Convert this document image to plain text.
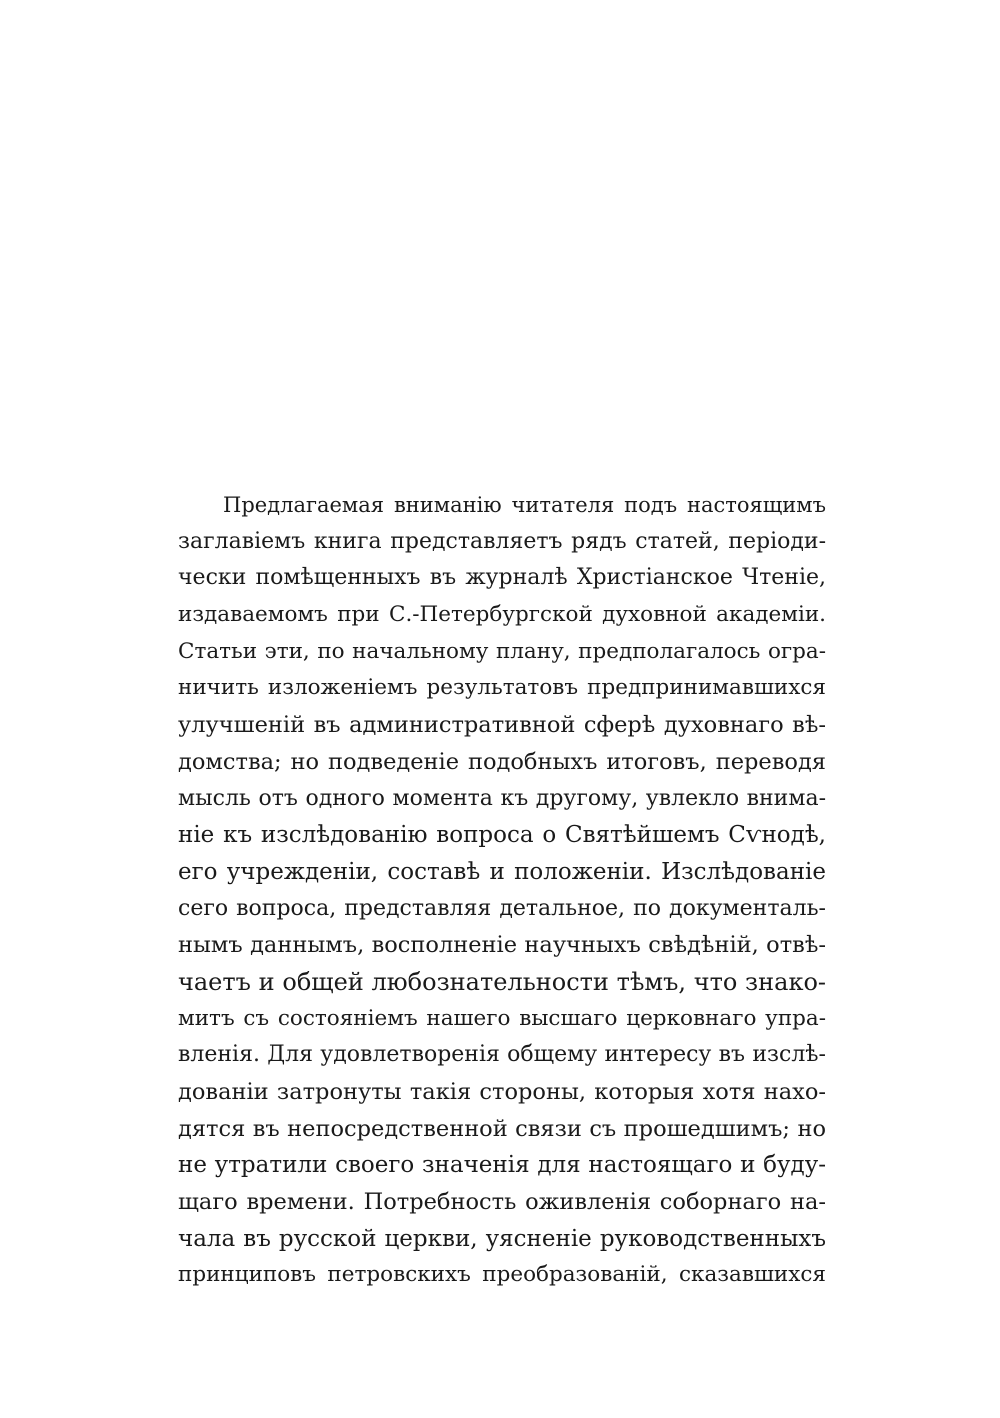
Предлагаемая вниманію читателя подъ настоящимъ
заглавіемъ книга представляетъ рядъ статей, періоди-
чески помѣщенныхъ въ журналѣ Христіанское Чтеніе,
издаваемомъ при С.-Петербургской духовной академіи.
Статьи эти, по начальному плану, предполагалось огра-
ничить изложеніемъ результатовъ предпринимавшихся
улучшеній въ административной сферѣ духовнаго вѣ-
домства; но подведеніе подобныхъ итоговъ, переводя
мысль отъ одного момента къ другому, увлекло внима-
ніе къ изслѣдованію вопроса о Святѣйшемъ Сѵнодѣ,
его учрежденіи, составѣ и положеніи. Изслѣдованіе
сего вопроса, представляя детальное, по документаль-
нымъ даннымъ, восполненіе научныхъ свѣдѣній, отвѣ-
чаетъ и общей любознательности тѣмъ, что знако-
митъ съ состояніемъ нашего высшаго церковнаго упра-
вленія. Для удовлетворенія общему интересу въ изслѣ-
дованіи затронуты такія стороны, которыя хотя нахо-
дятся въ непосредственной связи съ прошедшимъ; но
не утратили своего значенія для настоящаго и буду-
щаго времени. Потребность оживленія соборнаго на-
чала въ русской церкви, уясненіе руководственныхъ
принциповъ петровскихъ преобразованій, сказавшихся
